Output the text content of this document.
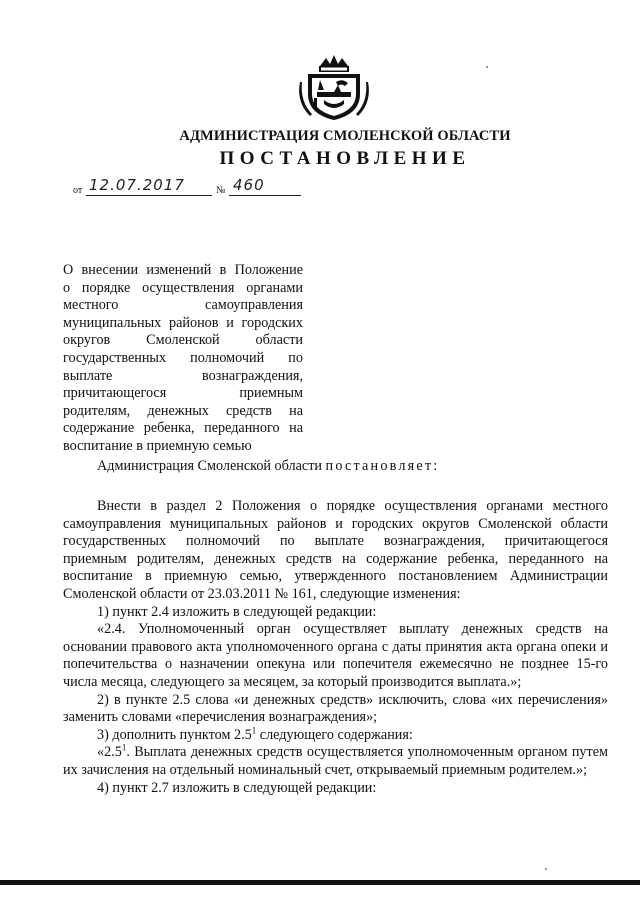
АДМИНИСТРАЦИЯ СМОЛЕНСКОЙ ОБЛАСТИ
ПОСТАНОВЛЕНИЕ
от 12.07.2017	№ 460
О внесении изменений в Положение
о порядке осуществления органами
местного самоуправления
муниципальных районов и городских
округов Смоленской области
государственных полномочий по
выплате вознаграждения,
причитающегося приемным
родителям, денежных средств на
содержание ребенка, переданного на
воспитание в приемную семью
Администрация Смоленской области постановляет:
Внести в раздел 2 Положения о порядке осуществления органами местного
самоуправления муниципальных районов и городских округов Смоленской области
государственных полномочий по выплате вознаграждения, причитающегося
приемным родителям, денежных средств на содержание ребенка, переданного на
воспитание в приемную семью, утвержденного постановлением Администрации
Смоленской области от 23.03.2011 № 161, следующие изменения:

1) пункт 2.4 изложить в следующей редакции:

«2.4. Уполномоченный орган осуществляет выплату денежных средств на основании правового акта уполномоченного органа с даты принятия акта органа опеки и попечительства о назначении опекуна или попечителя ежемесячно не позднее 15-го числа месяца, следующего за месяцем, за который производится выплата.»;

2) в пункте 2.5 слова «и денежных средств» исключить, слова «их перечисления» заменить словами «перечисления вознаграждения»;

3) дополнить пунктом $2.5^1$ следующего содержания:

«$2.5^1$. Выплата денежных средств осуществляется уполномоченным органом путем их зачисления на отдельный номинальный счет, открываемый приемным родителем.»;

4) пункт 2.7 изложить в следующей редакции:
